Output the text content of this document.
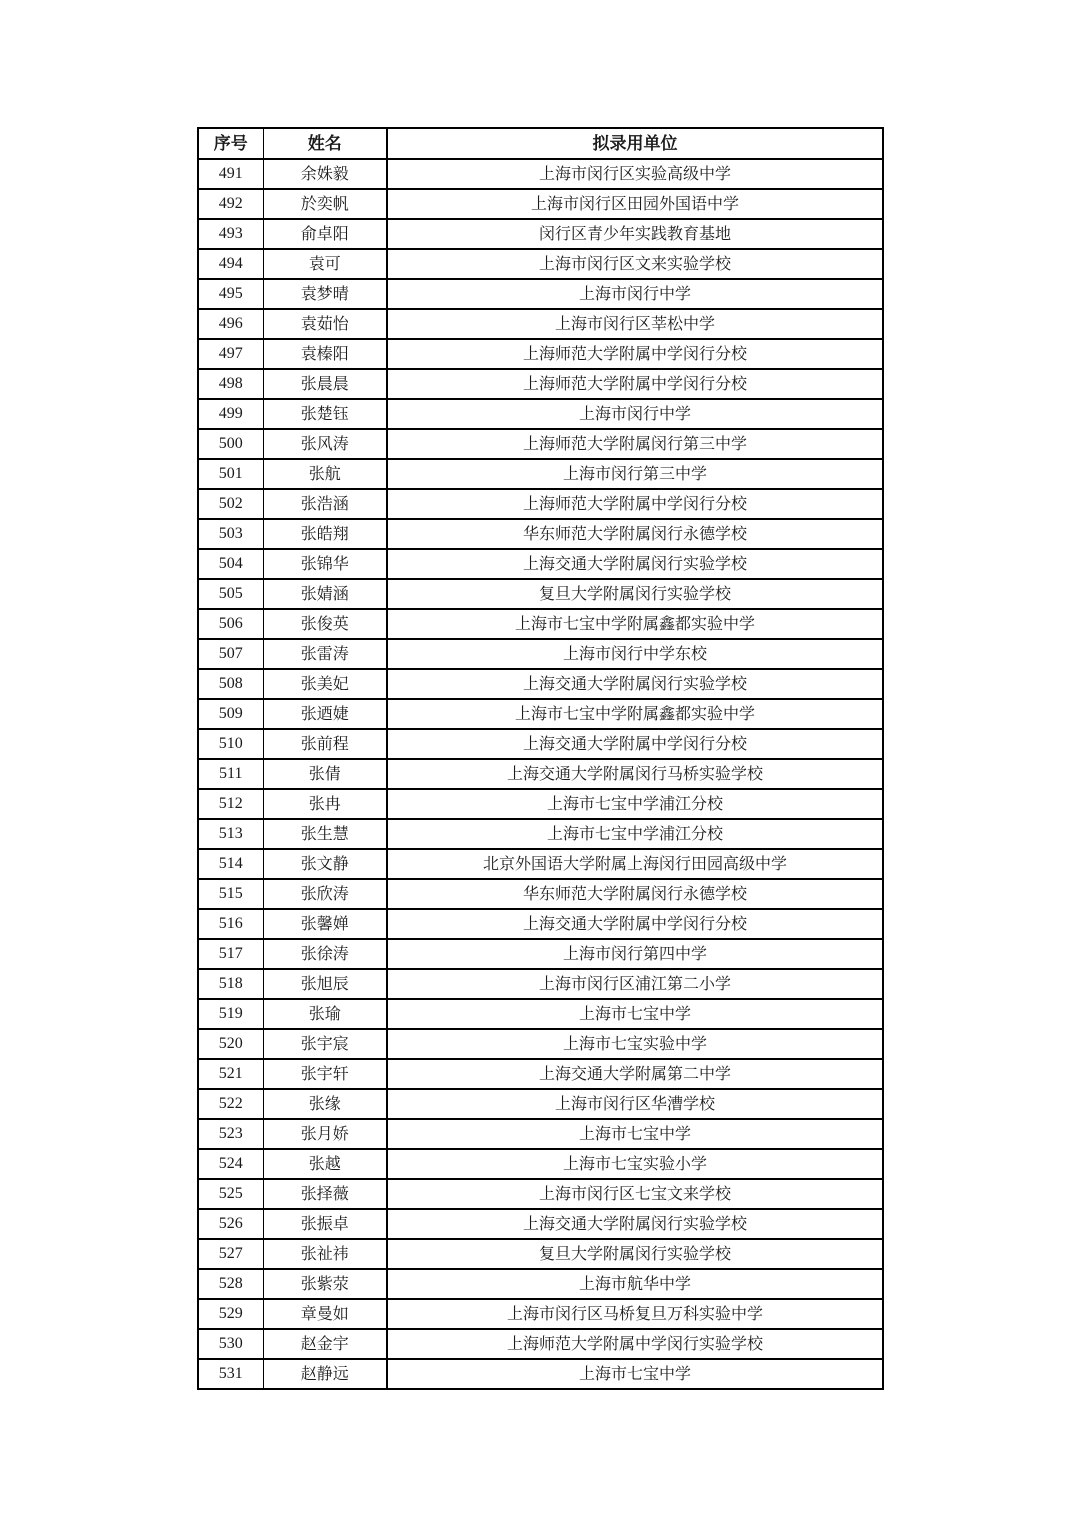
序号	姓名	拟录用单位
491	余姝毅	上海市闵行区实验高级中学
492	於奕帆	上海市闵行区田园外国语中学
493	俞卓阳	闵行区青少年实践教育基地
494	袁可	上海市闵行区文来实验学校
495	袁梦晴	上海市闵行中学
496	袁茹怡	上海市闵行区莘松中学
497	袁榛阳	上海师范大学附属中学闵行分校
498	张晨晨	上海师范大学附属中学闵行分校
499	张楚钰	上海市闵行中学
500	张风涛	上海师范大学附属闵行第三中学
501	张航	上海市闵行第三中学
502	张浩涵	上海师范大学附属中学闵行分校
503	张皓翔	华东师范大学附属闵行永德学校
504	张锦华	上海交通大学附属闵行实验学校
505	张婧涵	复旦大学附属闵行实验学校
506	张俊英	上海市七宝中学附属鑫都实验中学
507	张雷涛	上海市闵行中学东校
508	张美妃	上海交通大学附属闵行实验学校
509	张迺婕	上海市七宝中学附属鑫都实验中学
510	张前程	上海交通大学附属中学闵行分校
511	张倩	上海交通大学附属闵行马桥实验学校
512	张冉	上海市七宝中学浦江分校
513	张生慧	上海市七宝中学浦江分校
514	张文静	北京外国语大学附属上海闵行田园高级中学
515	张欣涛	华东师范大学附属闵行永德学校
516	张馨婵	上海交通大学附属中学闵行分校
517	张徐涛	上海市闵行第四中学
518	张旭辰	上海市闵行区浦江第二小学
519	张瑜	上海市七宝中学
520	张宇宸	上海市七宝实验中学
521	张宇轩	上海交通大学附属第二中学
522	张缘	上海市闵行区华漕学校
523	张月娇	上海市七宝中学
524	张越	上海市七宝实验小学
525	张择薇	上海市闵行区七宝文来学校
526	张振卓	上海交通大学附属闵行实验学校
527	张祉祎	复旦大学附属闵行实验学校
528	张紫荥	上海市航华中学
529	章曼如	上海市闵行区马桥复旦万科实验中学
530	赵金宇	上海师范大学附属中学闵行实验学校
531	赵静远	上海市七宝中学
